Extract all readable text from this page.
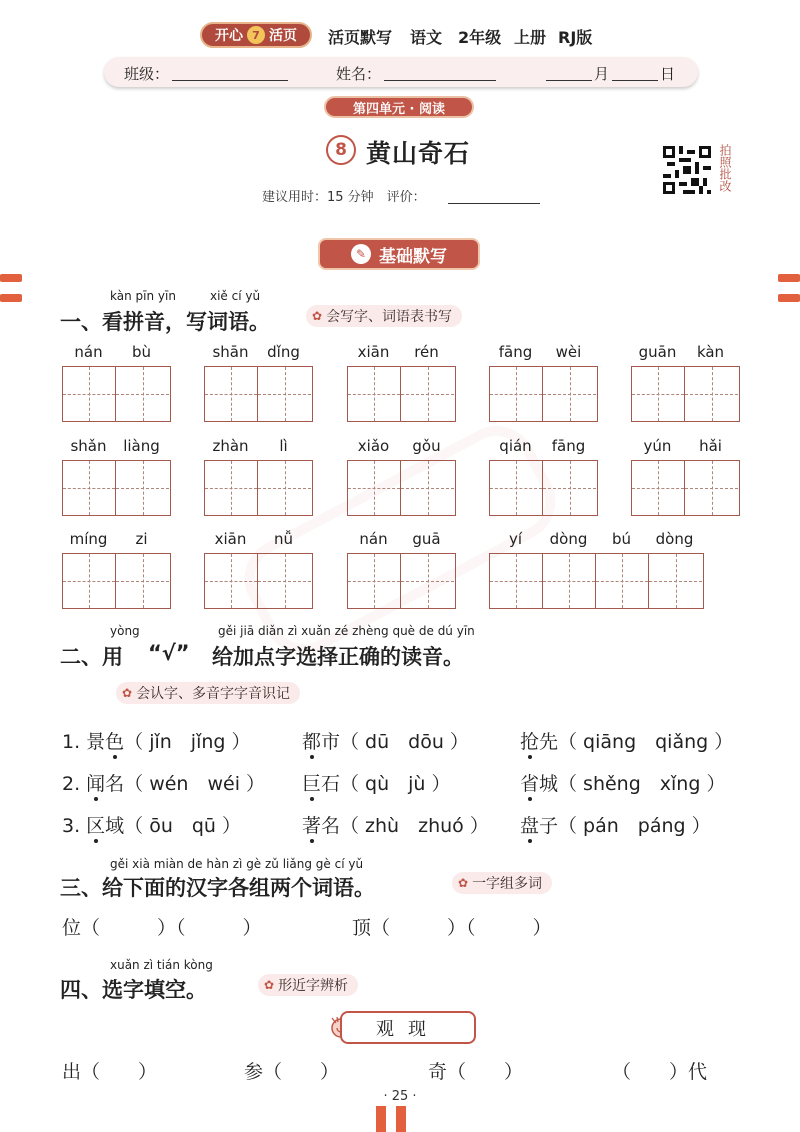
开心 7 活页 活页默写 语文 2年级 上册 RJ版
班级：	姓名：	月	日
第四单元 · 阅读
8 黄山奇石
建议用时：15 分钟　评价：
拍照批改
✎ 基础默写
kàn pīn yīn	xiě cí yǔ
一、看拼音，写词语。	✿ 会写字、词语表书写
nán	bù	shān	dǐng	xiān	rén	fāng	wèi	guān	kàn
shǎn	liàng	zhàn	lì	xiǎo	gǒu	qián	fāng	yún	hǎi
míng	zi	xiān	nǚ	nán	guā	yí	dòng	bú	dòng
yòng	gěi jiā diǎn zì xuǎn zé zhèng què de dú yīn
二、用 “√” 给加点字选择正确的读音。
✿ 会认字、多音字字音识记
1. 景色（ jǐn　jǐng ）	都市（ dū　dōu ）	抢先（ qiāng　qiǎng ）
2. 闻名（ wén　wéi ） 巨石（ qù　jù ）	省城（ shěng　xǐng ）
3. 区域（ ōu　qū ）	著名（ zhù　zhuó ） 盘子（ pán　páng ）
gěi xià miàn de hàn zì gè zǔ liǎng gè cí yǔ
三、给下面的汉字各组两个词语。	✿ 一字组多词
位（　　　）（　　　）	顶（　　　）（　　　）
xuǎn zì tián kòng
四、选字填空。	✿ 形近字辨析
观现
出（　　）	参（　　）	奇（　　）	（　　）代
· 25 ·
